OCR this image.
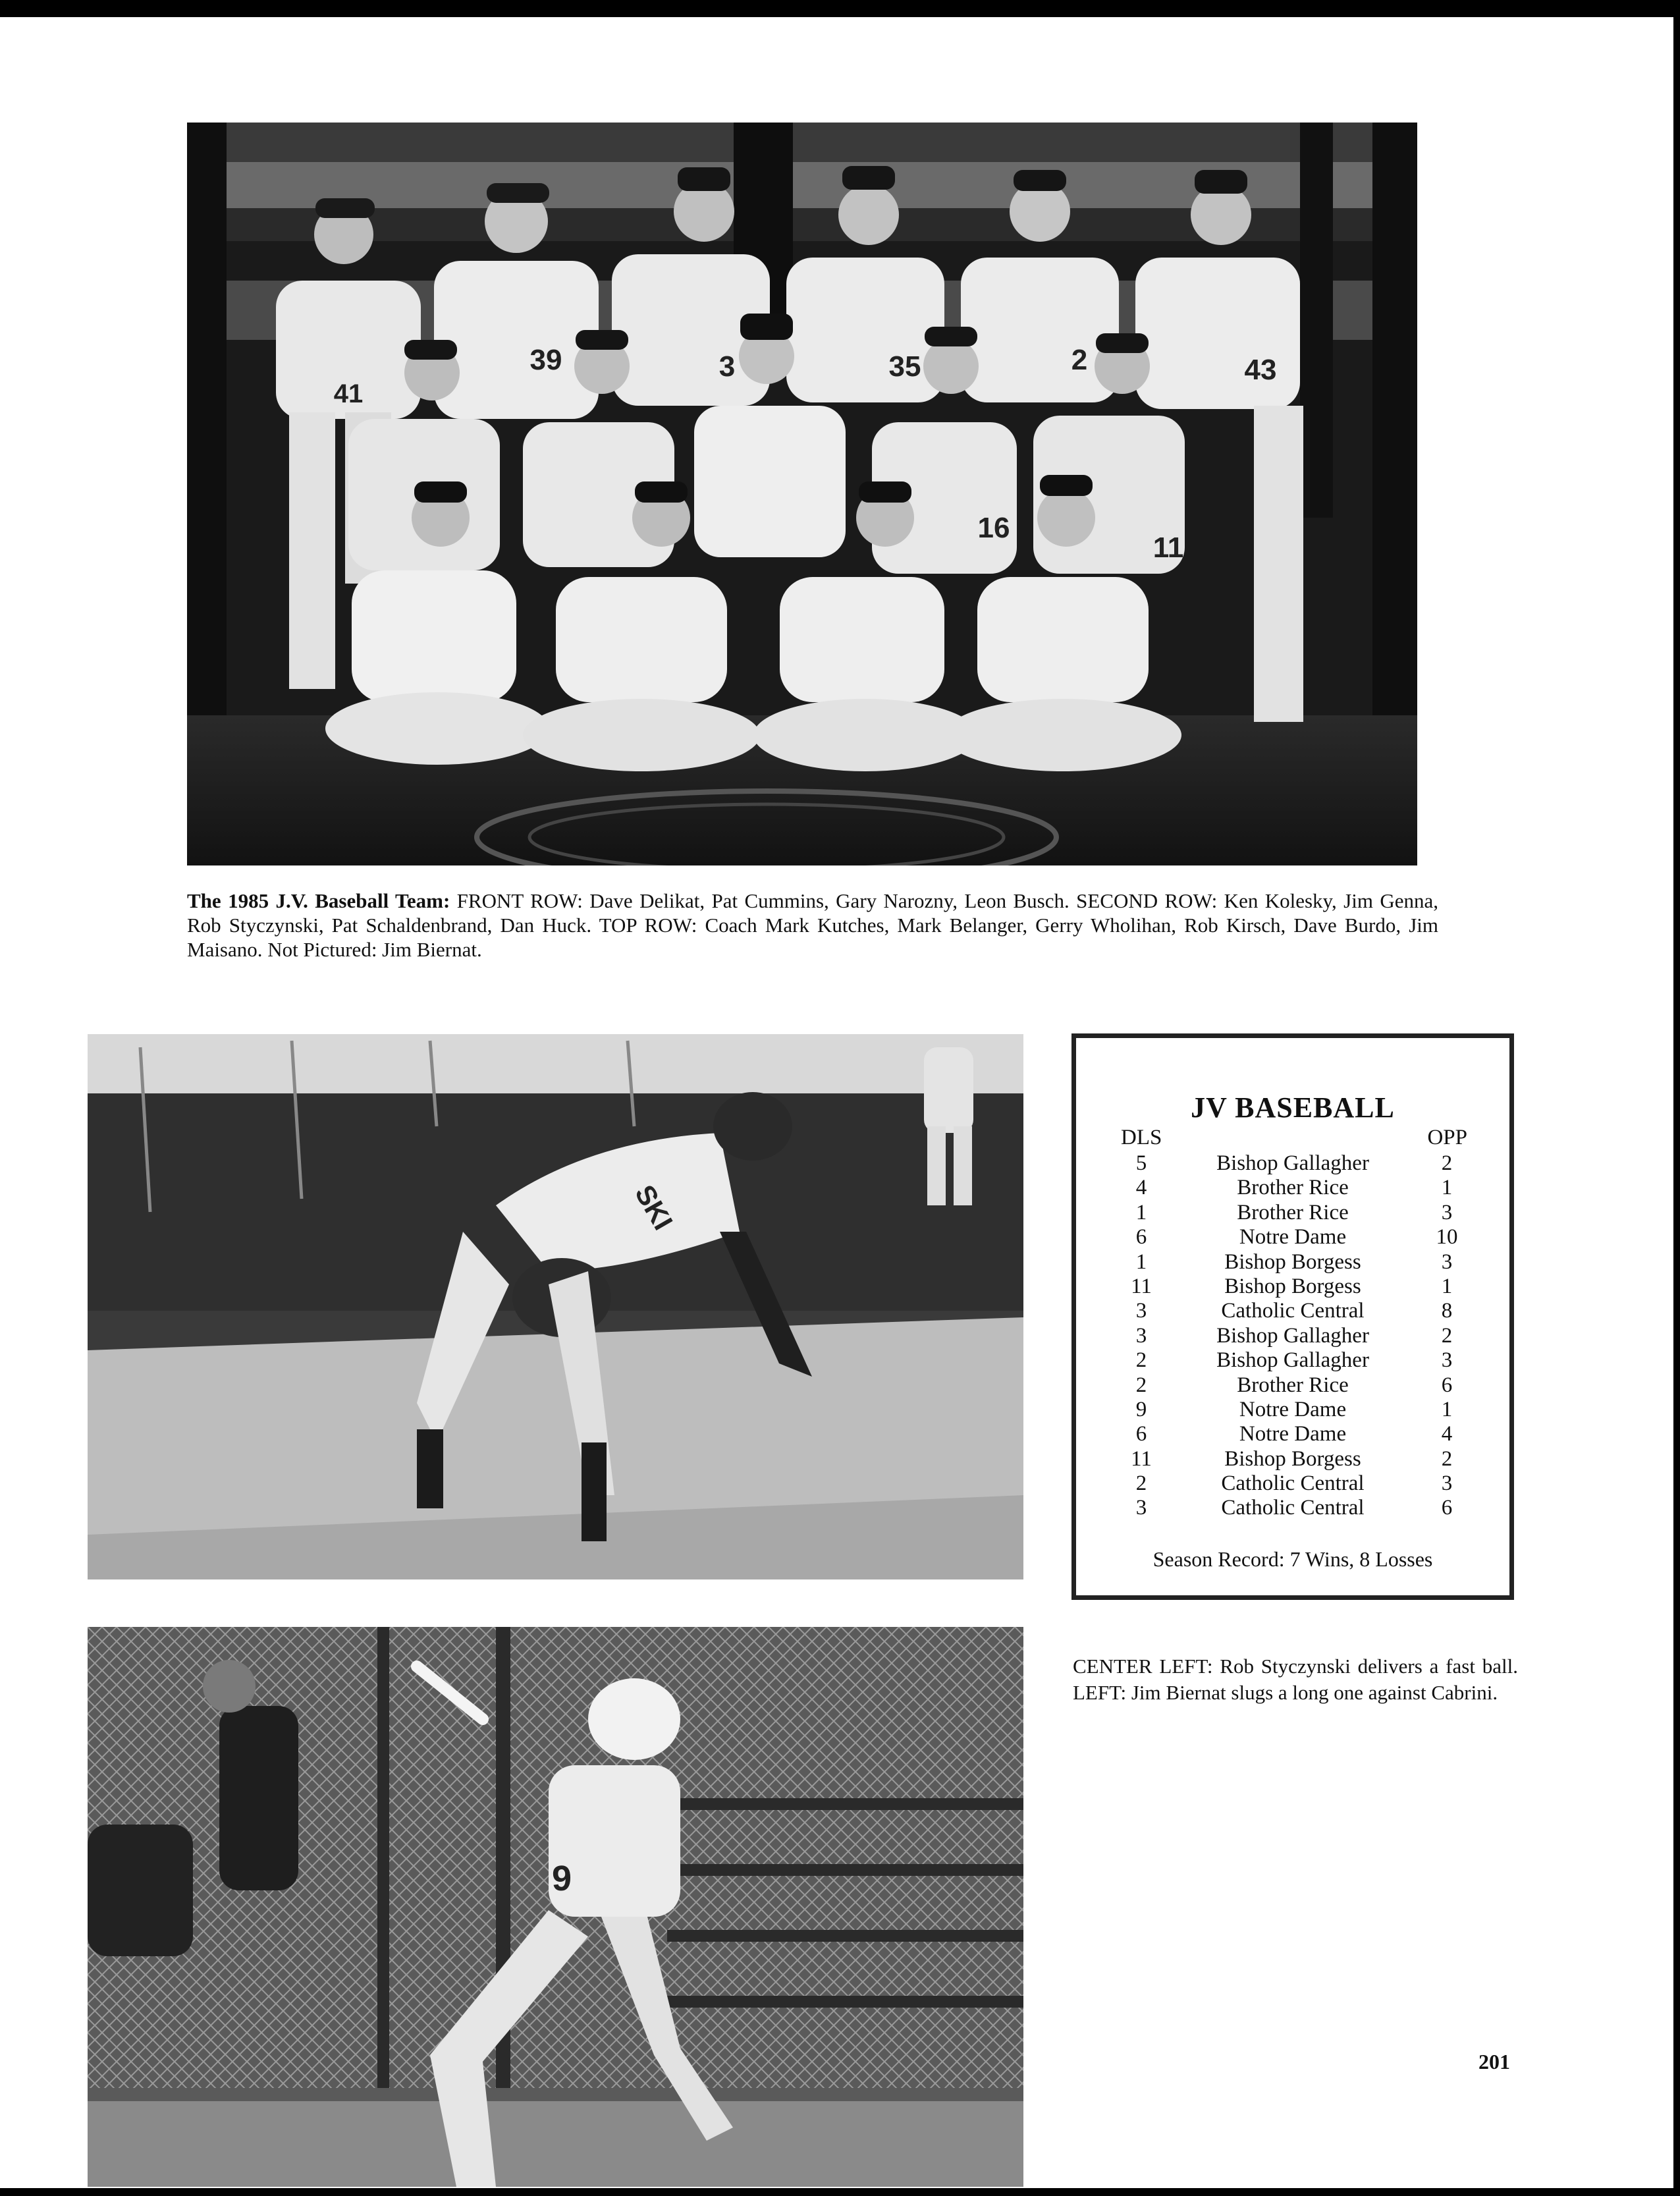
41
39	3	35	2	43
16
11
The 1985 J.V. Baseball Team: FRONT ROW: Dave Delikat, Pat Cummins, Gary Narozny, Leon Busch. SECOND ROW: Ken Kolesky, Jim Genna, Rob Styczynski, Pat Schaldenbrand, Dan Huck. TOP ROW: Coach Mark Kutches, Mark Belanger, Gerry Wholihan, Rob Kirsch, Dave Burdo, Jim Maisano. Not Pictured: Jim Biernat.
SKI
JV BASEBALL
DLS	OPP
5	Bishop Gallagher	2
4	Brother Rice	1
1	Brother Rice	3
6	Notre Dame	10
1	Bishop Borgess	3
11	Bishop Borgess	1
3	Catholic Central	8
3	Bishop Gallagher	2
2	Bishop Gallagher	3
2	Brother Rice	6
9	Notre Dame	1
6	Notre Dame	4
11	Bishop Borgess	2
2	Catholic Central	3
3	Catholic Central	6
Season Record: 7 Wins, 8 Losses
CENTER LEFT: Rob Styczynski delivers a fast ball. LEFT: Jim Biernat slugs a long one against Cabrini.
9
201
